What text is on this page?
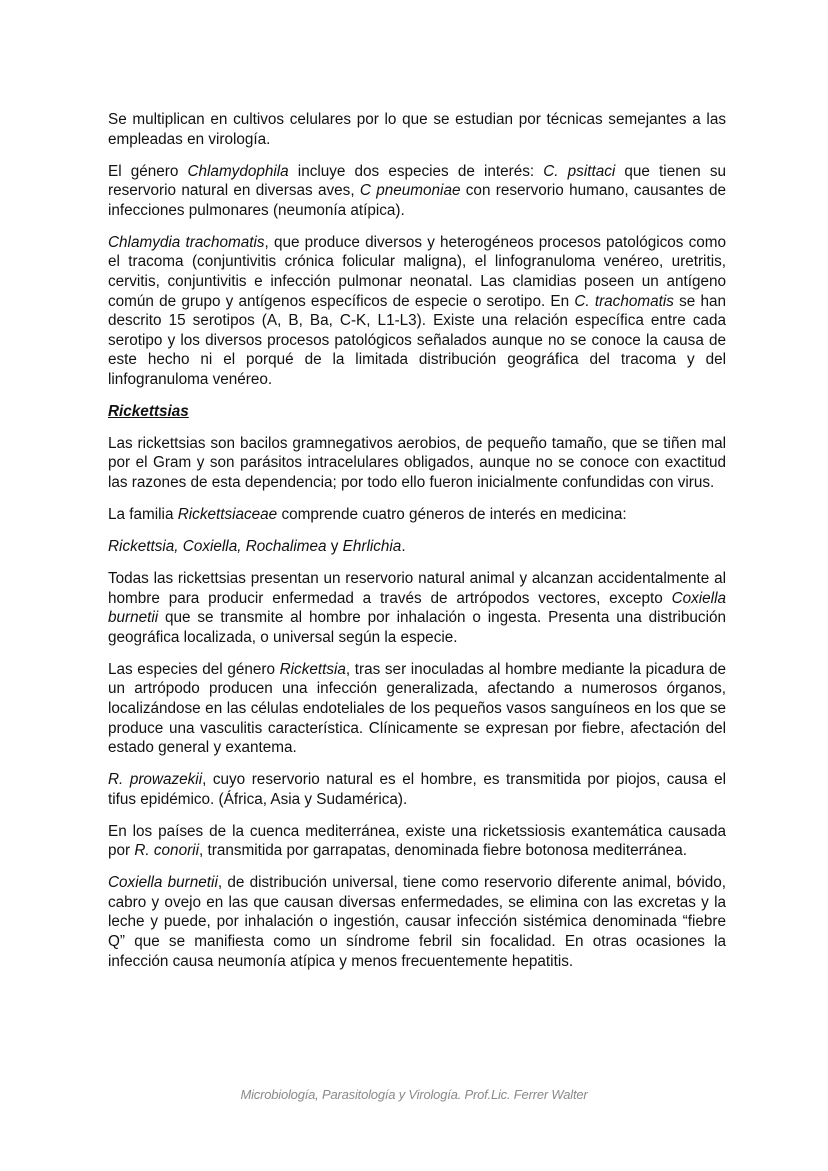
Se multiplican en cultivos celulares por lo que se estudian por técnicas semejantes a las empleadas en virología.

El género Chlamydophila incluye dos especies de interés: C. psittaci que tienen su reservorio natural en diversas aves, C pneumoniae con reservorio humano, causantes de infecciones pulmonares (neumonía atípica).

Chlamydia trachomatis, que produce diversos y heterogéneos procesos patológicos como el tracoma (conjuntivitis crónica folicular maligna), el linfogranuloma venéreo, uretritis, cervitis, conjuntivitis e infección pulmonar neonatal. Las clamidias poseen un antígeno común de grupo y antígenos específicos de especie o serotipo. En C. trachomatis se han descrito 15 serotipos (A, B, Ba, C-K, L1-L3). Existe una relación específica entre cada serotipo y los diversos procesos patológicos señalados aunque no se conoce la causa de este hecho ni el porqué de la limitada distribución geográfica del tracoma y del linfogranuloma venéreo.

Rickettsias

Las rickettsias son bacilos gramnegativos aerobios, de pequeño tamaño, que se tiñen mal por el Gram y son parásitos intracelulares obligados, aunque no se conoce con exactitud las razones de esta dependencia; por todo ello fueron inicialmente confundidas con virus.

La familia Rickettsiaceae comprende cuatro géneros de interés en medicina:

Rickettsia, Coxiella, Rochalimea y Ehrlichia.

Todas las rickettsias presentan un reservorio natural animal y alcanzan accidentalmente al hombre para producir enfermedad a través de artrópodos vectores, excepto Coxiella burnetii que se transmite al hombre por inhalación o ingesta. Presenta una distribución geográfica localizada, o universal según la especie.

Las especies del género Rickettsia, tras ser inoculadas al hombre mediante la picadura de un artrópodo producen una infección generalizada, afectando a numerosos órganos, localizándose en las células endoteliales de los pequeños vasos sanguíneos en los que se produce una vasculitis característica. Clínicamente se expresan por fiebre, afectación del estado general y exantema.

R. prowazekii, cuyo reservorio natural es el hombre, es transmitida por piojos, causa el tifus epidémico. (África, Asia y Sudamérica).

En los países de la cuenca mediterránea, existe una ricketssiosis exantemática causada por R. conorii, transmitida por garrapatas, denominada fiebre botonosa mediterránea.

Coxiella burnetii, de distribución universal, tiene como reservorio diferente animal, bóvido, cabro y ovejo en las que causan diversas enfermedades, se elimina con las excretas y la leche y puede, por inhalación o ingestión, causar infección sistémica denominada “fiebre Q” que se manifiesta como un síndrome febril sin focalidad. En otras ocasiones la infección causa neumonía atípica y menos frecuentemente hepatitis.

Microbiología, Parasitología y Virología. Prof.Lic. Ferrer Walter
